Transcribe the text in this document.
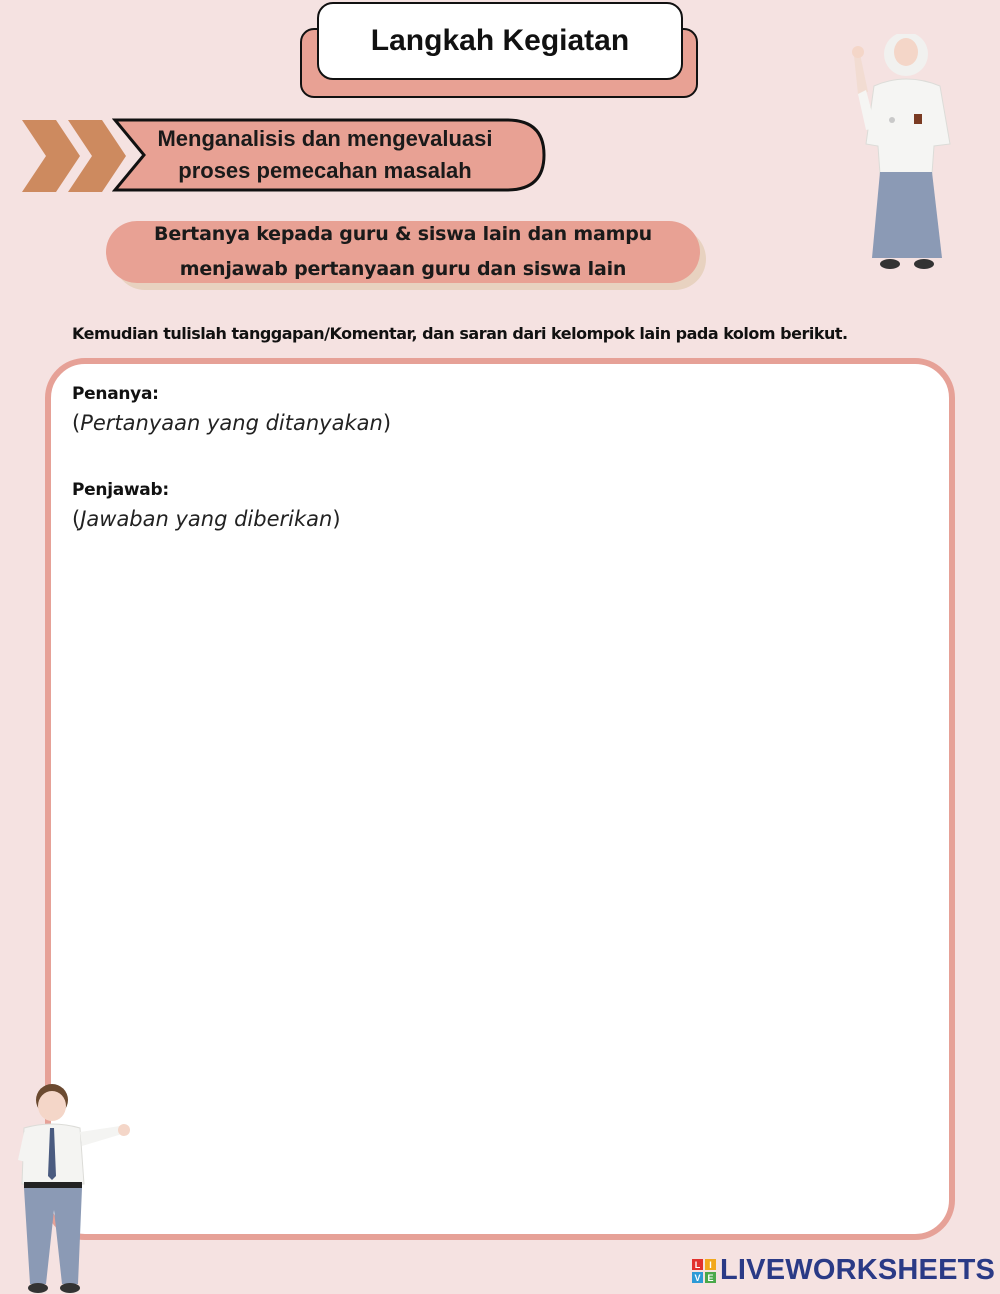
Langkah Kegiatan
Menganalisis dan mengevaluasi
proses pemecahan masalah
Bertanya kepada guru & siswa lain dan mampu
menjawab pertanyaan guru dan siswa lain
Kemudian tulislah tanggapan/Komentar, dan saran dari kelompok lain pada kolom berikut.
Penanya:
(Pertanyaan yang ditanyakan)
Penjawab:
(Jawaban yang diberikan)
L I
V E LIVEWORKSHEETS
